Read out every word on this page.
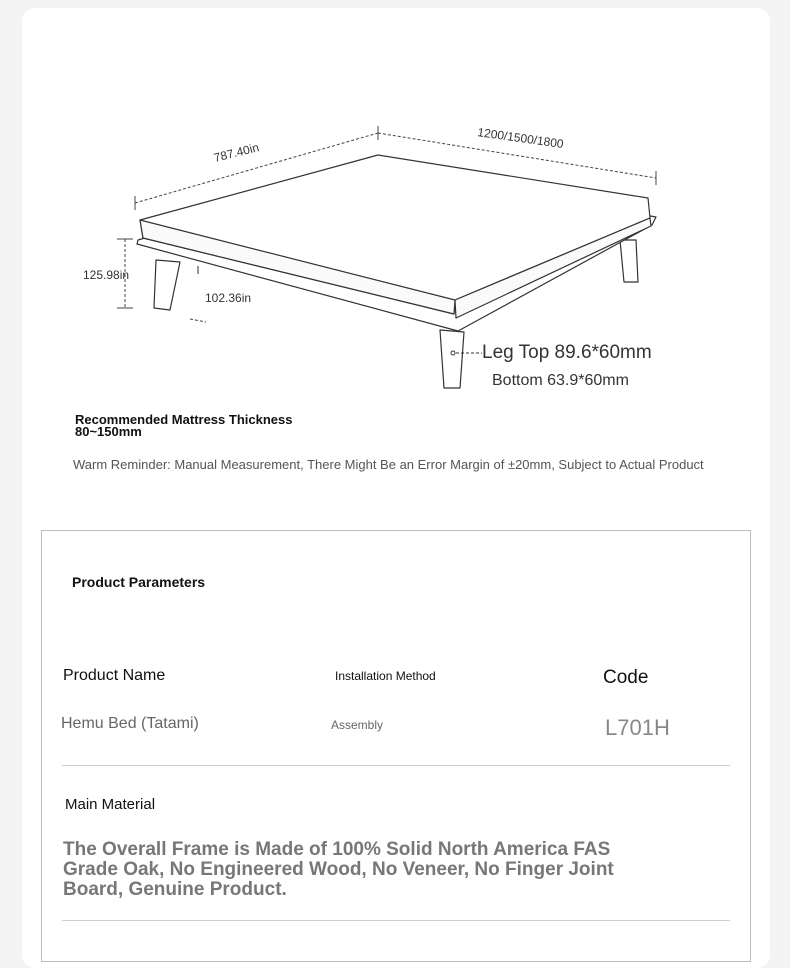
787.40in
1200/1500/1800
125.98in
102.36in
Leg Top 89.6*60mm
Bottom 63.9*60mm
Recommended Mattress Thickness 80~150mm
Warm Reminder: Manual Measurement, There Might Be an Error Margin of ±20mm, Subject to Actual Product
Product Parameters
Product Name
Hemu Bed (Tatami)
Installation Method
Assembly
Code
L701H
Main Material
The Overall Frame is Made of 100% Solid North America FAS Grade Oak, No Engineered Wood, No Veneer, No Finger Joint Board, Genuine Product.
